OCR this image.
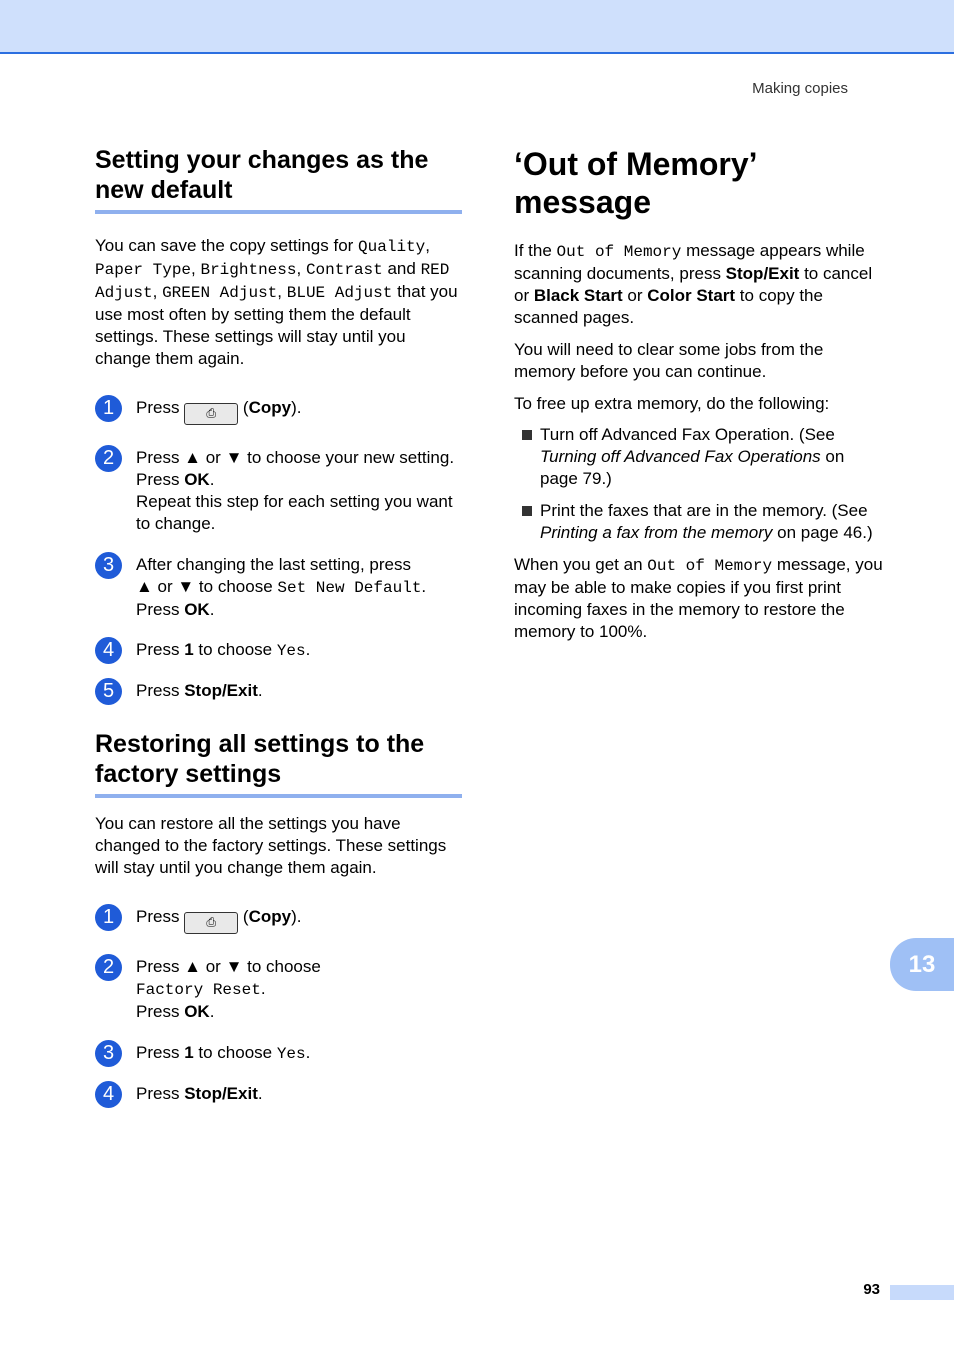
Making copies
Setting your changes as the
new default

You can save the copy settings for Quality, Paper Type, Brightness, Contrast and RED Adjust, GREEN Adjust, BLUE Adjust that you use most often by setting them the default settings. These settings will stay until you change them again.

1	Press ⎙ (Copy).
2	Press ▲ or ▼ to choose your new setting.
Press OK.
Repeat this step for each setting you want to change.
3	After changing the last setting, press
▲ or ▼ to choose Set New Default.
Press OK.
4	Press 1 to choose Yes.
5	Press Stop/Exit.
Restoring all settings to the
factory settings

You can restore all the settings you have changed to the factory settings. These settings will stay until you change them again.

1	Press ⎙ (Copy).
2	Press ▲ or ▼ to choose
Factory Reset.
Press OK.
3	Press 1 to choose Yes.
4	Press Stop/Exit.
‘Out of Memory’
message

If the Out of Memory message appears while scanning documents, press Stop/Exit to cancel or Black Start or Color Start to copy the scanned pages.

You will need to clear some jobs from the memory before you can continue.

To free up extra memory, do the following:

Turn off Advanced Fax Operation. (See Turning off Advanced Fax Operations on page 79.)
Print the faxes that are in the memory. (See Printing a fax from the memory on page 46.)

When you get an Out of Memory message, you may be able to make copies if you first print incoming faxes in the memory to restore the memory to 100%.

13
93
